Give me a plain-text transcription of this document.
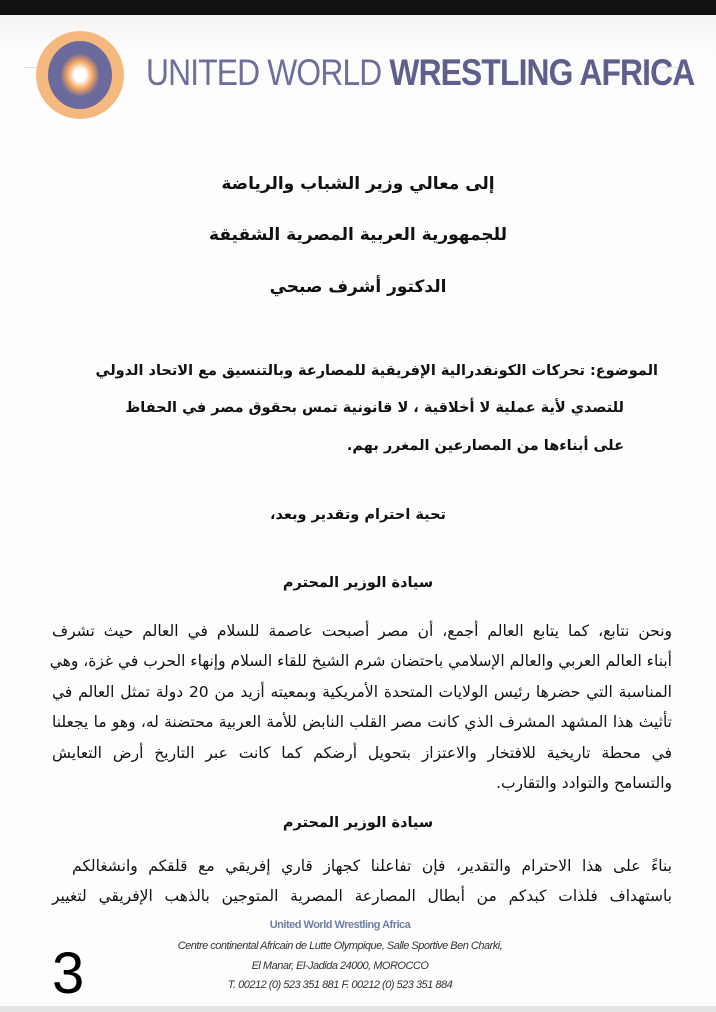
UNITED WORLD WRESTLING AFRICA
إلى معالي وزير الشباب والرياضة
للجمهورية العربية المصرية الشقيقة
الدكتور أشرف صبحي
الموضوع: تحركات الكونفدرالية الإفريقية للمصارعة وبالتنسيق مع الاتحاد الدولي
للتصدي لأية عملية لا أخلاقية ، لا قانونية تمس بحقوق مصر في الحفاظ
على أبناءها من المصارعين المغرر بهم.
تحية احترام وتقدير وبعد،
سيادة الوزير المحترم
ونحن نتابع، كما يتابع العالم أجمع، أن مصر أصبحت عاصمة للسلام في العالم حيث تشرف
أبناء العالم العربي والعالم الإسلامي باحتضان شرم الشيخ للقاء السلام وإنهاء الحرب في غزة، وهي
المناسبة التي حضرها رئيس الولايات المتحدة الأمريكية وبمعيته أزيد من 20 دولة تمثل العالم في
تأثيث هذا المشهد المشرف الذي كانت مصر القلب النابض للأمة العربية محتضنة له، وهو ما يجعلنا
في محطة تاريخية للافتخار والاعتزاز بتحويل أرضكم كما كانت عبر التاريخ أرض التعايش
والتسامح والتوادد والتقارب.
سيادة الوزير المحترم
بناءً على هذا الاحترام والتقدير، فإن تفاعلنا كجهاز قاري إفريقي مع قلقكم وانشغالكم
باستهداف فلذات كبدكم من أبطال المصارعة المصرية المتوجين بالذهب الإفريقي لتغيير
United World Wrestling Africa
Centre continental Africain de Lutte Olympique, Salle Sportive Ben Charki,
El Manar, El-Jadida 24000, MOROCCO
T. 00212 (0) 523 351 881 F. 00212 (0) 523 351 884
3
